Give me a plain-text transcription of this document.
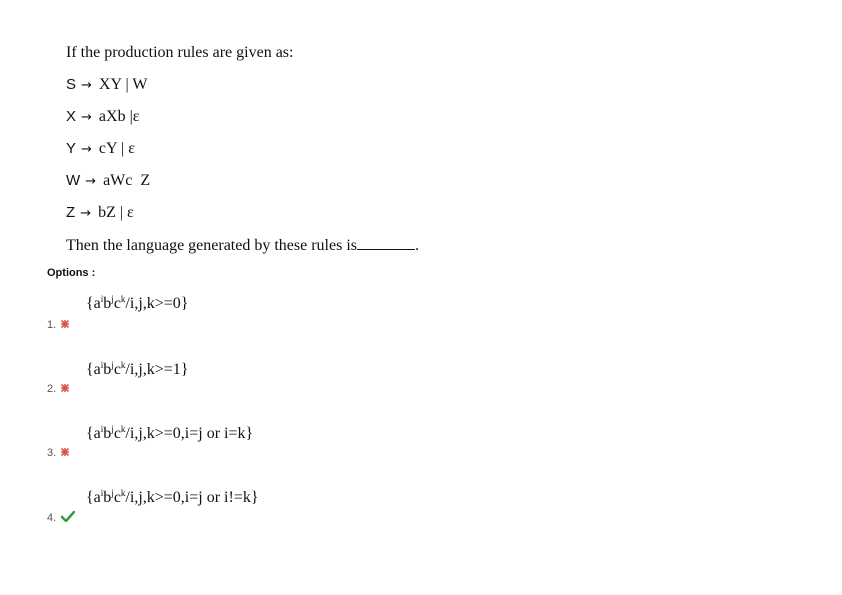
If the production rules are given as:
S → XY | W
X → aXb |ε
Y → cY | ε
W → aWc  Z
Z → bZ | ε
Then the language generated by these rules is	.
Options :
$\{a^ib^jc^k/i,j,k>=0\}$
1.
$\{a^ib^jc^k/i,j,k>=1\}$
2.
{$a^ib^jc^k/i,j,k>=0,i=j$ or i=k}
3.
{$a^ib^jc^k/i,j,k>=0,i=j$ or i!=k}
4.
